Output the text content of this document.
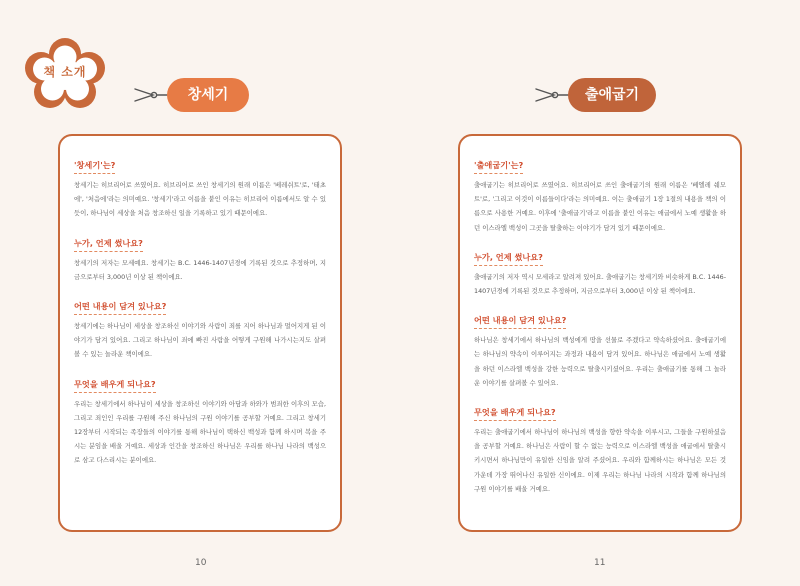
책 소개
창세기	출애굽기
'창세기'는?

창세기는 히브리어로 쓰였어요. 히브리어로 쓰인 창세기의 원래 이름은 '베레쉬트'로, '태초에', '처음에'라는 의미예요. '창세기'라고 이름을 붙인 이유는 히브리어 이름에서도 알 수 있듯이, 하나님이 세상을 처음 창조하신 일을 기록하고 있기 때문이에요.

누가, 언제 썼나요?

창세기의 저자는 모세예요. 창세기는 B.C. 1446-1407년경에 기록된 것으로 추정하며, 지금으로부터 3,000년 이상 된 책이에요.

어떤 내용이 담겨 있나요?

창세기에는 하나님이 세상을 창조하신 이야기와 사람이 죄를 지어 하나님과 멀어지게 된 이야기가 담겨 있어요. 그리고 하나님이 죄에 빠진 사람을 어떻게 구원해 나가시는지도 살펴볼 수 있는 놀라운 책이에요.

무엇을 배우게 되나요?

우리는 창세기에서 하나님이 세상을 창조하신 이야기와 아담과 하와가 범죄한 이후의 모습, 그리고 죄인인 우리를 구원해 주신 하나님의 구원 이야기를 공부할 거예요. 그리고 창세기 12장부터 시작되는 족장들의 이야기를 통해 하나님이 택하신 백성과 함께 하시며 복을 주시는 분임을 배울 거예요. 세상과 인간을 창조하신 하나님은 우리를 하나님 나라의 백성으로 삼고 다스리시는 분이에요.

'출애굽기'는?

출애굽기는 히브리어로 쓰였어요. 히브리어로 쓰인 출애굽기의 원래 이름은 '베엘레 쉐모트'로, '그리고 이것이 이름들이다'라는 의미예요. 이는 출애굽기 1장 1절의 내용을 책의 이름으로 사용한 거예요. 이후에 '출애굽기'라고 이름을 붙인 이유는 애굽에서 노예 생활을 하던 이스라엘 백성이 그곳을 탈출하는 이야기가 담겨 있기 때문이에요.

누가, 언제 썼나요?

출애굽기의 저자 역시 모세라고 알려져 있어요. 출애굽기는 창세기와 비슷하게 B.C. 1446-1407년경에 기록된 것으로 추정하며, 지금으로부터 3,000년 이상 된 책이에요.

어떤 내용이 담겨 있나요?

하나님은 창세기에서 하나님의 백성에게 땅을 선물로 주겠다고 약속하셨어요. 출애굽기에는 하나님의 약속이 이루어지는 과정과 내용이 담겨 있어요. 하나님은 애굽에서 노예 생활을 하던 이스라엘 백성을 강한 능력으로 탈출시키셨어요. 우리는 출애굽기를 통해 그 놀라운 이야기를 살펴볼 수 있어요.

무엇을 배우게 되나요?

우리는 출애굽기에서 하나님이 하나님의 백성을 향한 약속을 이루시고, 그들을 구원하셨음을 공부할 거예요. 하나님은 사람이 할 수 없는 능력으로 이스라엘 백성을 애굽에서 탈출시키시면서 하나님만이 유일한 신임을 알려 주셨어요. 우리와 함께하시는 하나님은 모든 것 가운데 가장 뛰어나신 유일한 신이에요. 이제 우리는 하나님 나라의 시작과 함께 하나님의 구원 이야기를 배울 거예요.

10	11
